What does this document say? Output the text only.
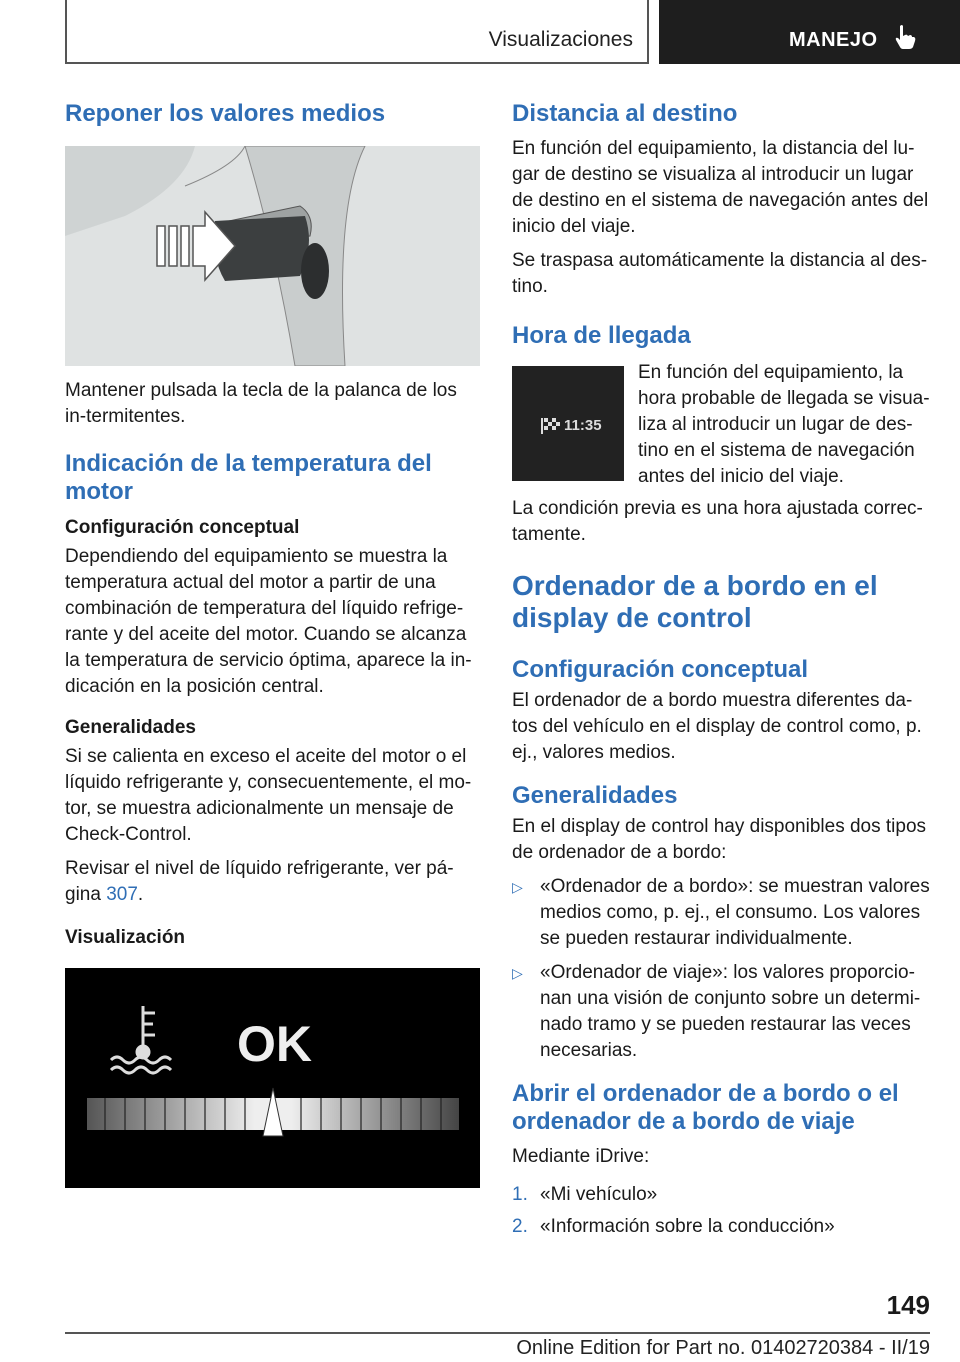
Visualizaciones	MANEJO
Reponer los valores medios

Mantener pulsada la tecla de la palanca de los in-termitentes.

Indicación de la temperatura del motor
Configuración conceptual

Dependiendo del equipamiento se muestra la temperatura actual del motor a partir de una combinación de temperatura del líquido refrige-rante y del aceite del motor. Cuando se alcanza la temperatura de servicio óptima, aparece la in-dicación en la posición central.

Generalidades

Si se calienta en exceso el aceite del motor o el líquido refrigerante y, consecuentemente, el mo-tor, se muestra adicionalmente un mensaje de Check-Control.

Revisar el nivel de líquido refrigerante, ver pá-gina 307.

Visualización
OK
Distancia al destino

En función del equipamiento, la distancia del lu-gar de destino se visualiza al introducir un lugar de destino en el sistema de navegación antes del inicio del viaje.

Se traspasa automáticamente la distancia al des-tino.

Hora de llegada
11:35

En función del equipamiento, la hora probable de llegada se visua-liza al introducir un lugar de des-tino en el sistema de navegación antes del inicio del viaje.

La condición previa es una hora ajustada correc-tamente.

Ordenador de a bordo en el display de control
Configuración conceptual

El ordenador de a bordo muestra diferentes da-tos del vehículo en el display de control como, p. ej., valores medios.

Generalidades

En el display de control hay disponibles dos tipos de ordenador de a bordo:

▷ «Ordenador de a bordo»: se muestran valores medios como, p. ej., el consumo. Los valores se pueden restaurar individualmente.
▷ «Ordenador de viaje»: los valores proporcio-nan una visión de conjunto sobre un determi-nado tramo y se pueden restaurar las veces necesarias.
Abrir el ordenador de a bordo o el ordenador de a bordo de viaje

Mediante iDrive:

1. «Mi vehículo»
2. «Información sobre la conducción»
149
Online Edition for Part no. 01402720384 - II/19
